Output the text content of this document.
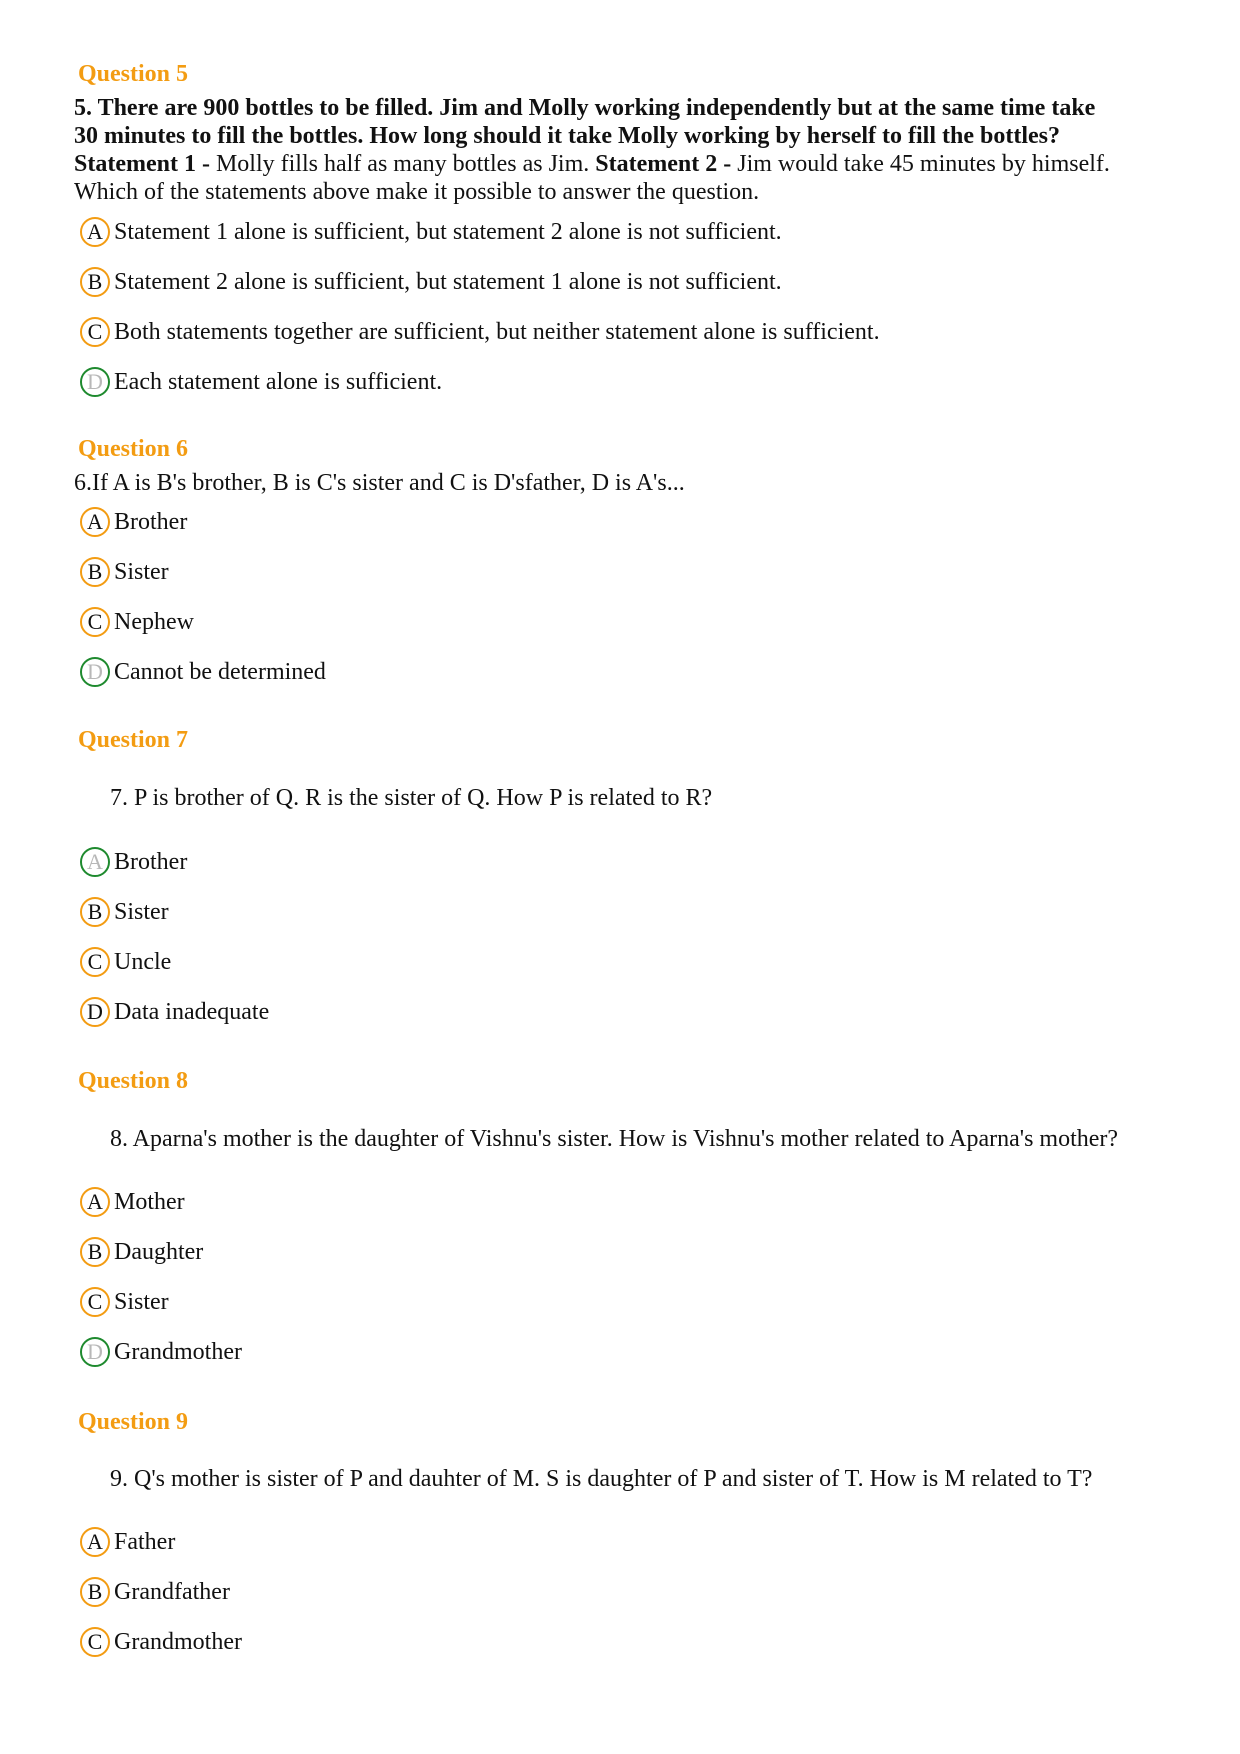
Question 5
5. There are 900 bottles to be filled. Jim and Molly working independently but at the same time take
30 minutes to fill the bottles. How long should it take Molly working by herself to fill the bottles?
Statement 1 - Molly fills half as many bottles as Jim. Statement 2 - Jim would take 45 minutes by himself.
Which of the statements above make it possible to answer the question.
A Statement 1 alone is sufficient, but statement 2 alone is not sufficient.
B Statement 2 alone is sufficient, but statement 1 alone is not sufficient.
C Both statements together are sufficient, but neither statement alone is sufficient.
D Each statement alone is sufficient.
Question 6
6.If A is B's brother, B is C's sister and C is D'sfather, D is A's...
A Brother
B Sister
C Nephew
D Cannot be determined
Question 7
7. P is brother of Q. R is the sister of Q. How P is related to R?
A Brother
B Sister
C Uncle
D Data inadequate
Question 8
8. Aparna's mother is the daughter of Vishnu's sister. How is Vishnu's mother related to Aparna's mother?
A Mother
B Daughter
C Sister
D Grandmother
Question 9
9. Q's mother is sister of P and dauhter of M. S is daughter of P and sister of T. How is M related to T?
A Father
B Grandfather
C Grandmother
